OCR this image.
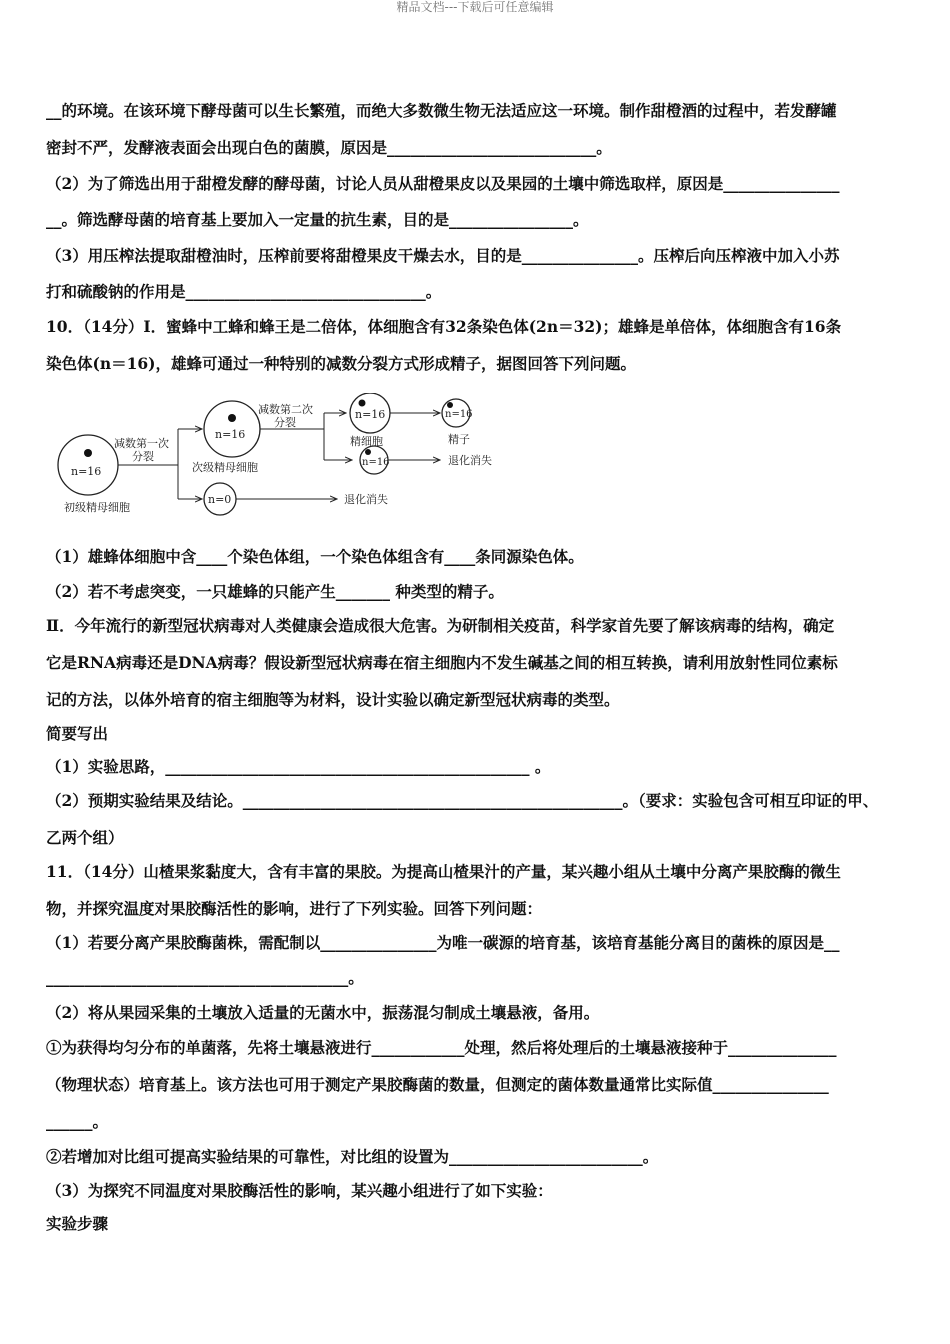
精品文档---下载后可任意编辑
__的环境。在该环境下酵母菌可以生长繁殖，而绝大多数微生物无法适应这一环境。制作甜橙酒的过程中，若发酵罐
密封不严，发酵液表面会出现白色的菌膜，原因是___________________________。
（2）为了筛选出用于甜橙发酵的酵母菌，讨论人员从甜橙果皮以及果园的土壤中筛选取样，原因是_______________
__。筛选酵母菌的培育基上要加入一定量的抗生素，目的是________________。
（3）用压榨法提取甜橙油时，压榨前要将甜橙果皮干燥去水，目的是_______________。压榨后向压榨液中加入小苏
打和硫酸钠的作用是_______________________________。
10．（14分）Ⅰ．蜜蜂中工蜂和蜂王是二倍体，体细胞含有32条染色体(2n＝32)；雄蜂是单倍体，体细胞含有16条
染色体(n＝16)，雄蜂可通过一种特别的减数分裂方式形成精子，据图回答下列问题。
n=16
初级精母细胞
减数第一次
分裂
n=16
次级精母细胞
n=0	退化消失
减数第二次
分裂
n=16
精细胞
n=16
精子
n=16	退化消失
（1）雄蜂体细胞中含____个染色体组，一个染色体组含有____条同源染色体。
（2）若不考虑突变，一只雄蜂的只能产生_______ 种类型的精子。
Ⅱ．今年流行的新型冠状病毒对人类健康会造成很大危害。为研制相关疫苗，科学家首先要了解该病毒的结构，确定
它是RNA病毒还是DNA病毒？假设新型冠状病毒在宿主细胞内不发生碱基之间的相互转换，请利用放射性同位素标
记的方法，以体外培育的宿主细胞等为材料，设计实验以确定新型冠状病毒的类型。
简要写出
（1）实验思路，_______________________________________________ 。
（2）预期实验结果及结论。_________________________________________________。（要求：实验包含可相互印证的甲、
乙两个组）
11．（14分）山楂果浆黏度大，含有丰富的果胶。为提高山楂果汁的产量，某兴趣小组从土壤中分离产果胶酶的微生
物，并探究温度对果胶酶活性的影响，进行了下列实验。回答下列问题：
（1）若要分离产果胶酶菌株，需配制以_______________为唯一碳源的培育基，该培育基能分离目的菌株的原因是__
_______________________________________。
（2）将从果园采集的土壤放入适量的无菌水中，振荡混匀制成土壤悬液，备用。
①为获得均匀分布的单菌落，先将土壤悬液进行____________处理，然后将处理后的土壤悬液接种于______________
（物理状态）培育基上。该方法也可用于测定产果胶酶菌的数量，但测定的菌体数量通常比实际值_______________
______。
②若增加对比组可提高实验结果的可靠性，对比组的设置为_________________________。
（3）为探究不同温度对果胶酶活性的影响，某兴趣小组进行了如下实验：
实验步骤
